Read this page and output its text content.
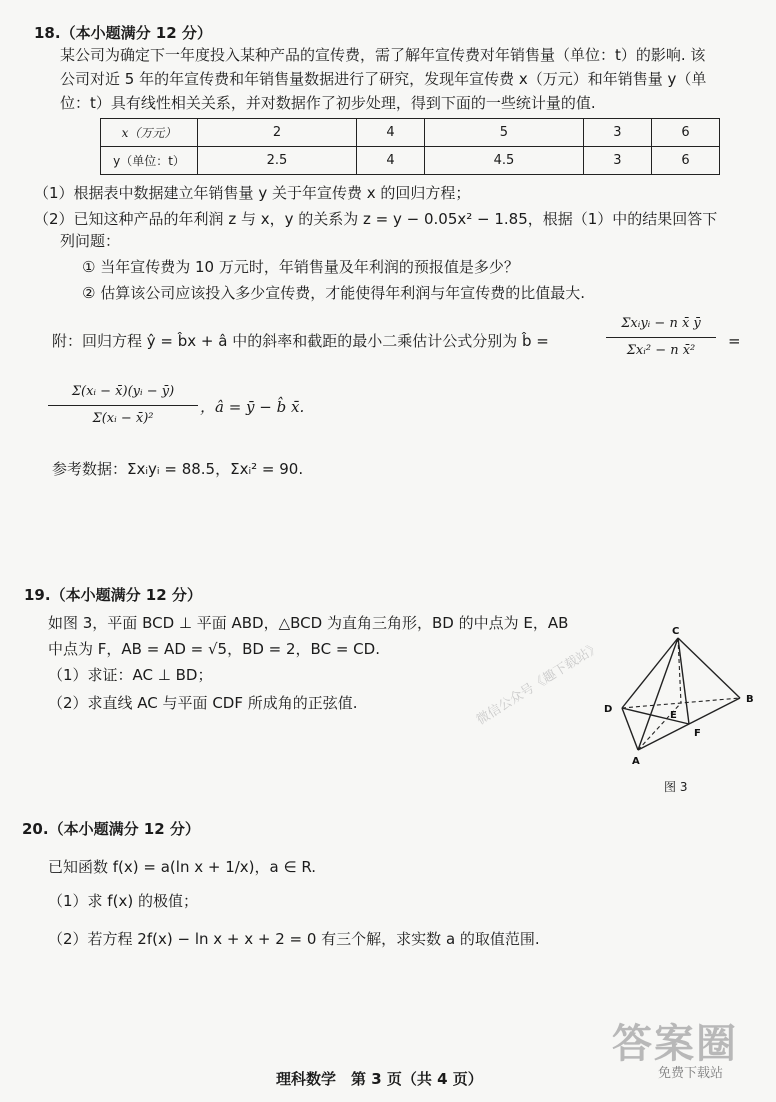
18.（本小题满分 12 分）
某公司为确定下一年度投入某种产品的宣传费，需了解年宣传费对年销售量（单位：t）的影响. 该
公司对近 5 年的年宣传费和年销售量数据进行了研究，发现年宣传费 x（万元）和年销售量 y（单
位：t）具有线性相关关系，并对数据作了初步处理，得到下面的一些统计量的值.
x（万元）	2	4	5	3	6
y（单位：t）	2.5	4	4.5	3	6
（1）根据表中数据建立年销售量 y 关于年宣传费 x 的回归方程；
（2）已知这种产品的年利润 z 与 x，y 的关系为 z = y − 0.05x² − 1.85，根据（1）中的结果回答下
列问题：
① 当年宣传费为 10 万元时，年销售量及年利润的预报值是多少？
② 估算该公司应该投入多少宣传费，才能使得年利润与年宣传费的比值最大.
附：回归方程 ŷ = b̂x + â 中的斜率和截距的最小二乘估计公式分别为 b̂ =
Σxᵢyᵢ − n x̄ ȳ
Σxᵢ² − n x̄²
=
Σ(xᵢ − x̄)(yᵢ − ȳ)
Σ(xᵢ − x̄)²
，â = ȳ − b̂ x̄.
参考数据：Σxᵢyᵢ = 88.5，Σxᵢ² = 90.
19.（本小题满分 12 分）
如图 3，平面 BCD ⊥ 平面 ABD，△BCD 为直角三角形，BD 的中点为 E，AB
中点为 F，AB = AD = √5，BD = 2，BC = CD.
（1）求证：AC ⊥ BD；
（2）求直线 AC 与平面 CDF 所成角的正弦值.
C
D
B
A
E
F
图 3
微信公众号《趣下载站》
20.（本小题满分 12 分）
已知函数 f(x) = a(ln x + 1/x)，a ∈ R.
（1）求 f(x) 的极值；
（2）若方程 2f(x) − ln x + x + 2 = 0 有三个解，求实数 a 的取值范围.
答案圈
免费下载站
理科数学　第 3 页（共 4 页）
